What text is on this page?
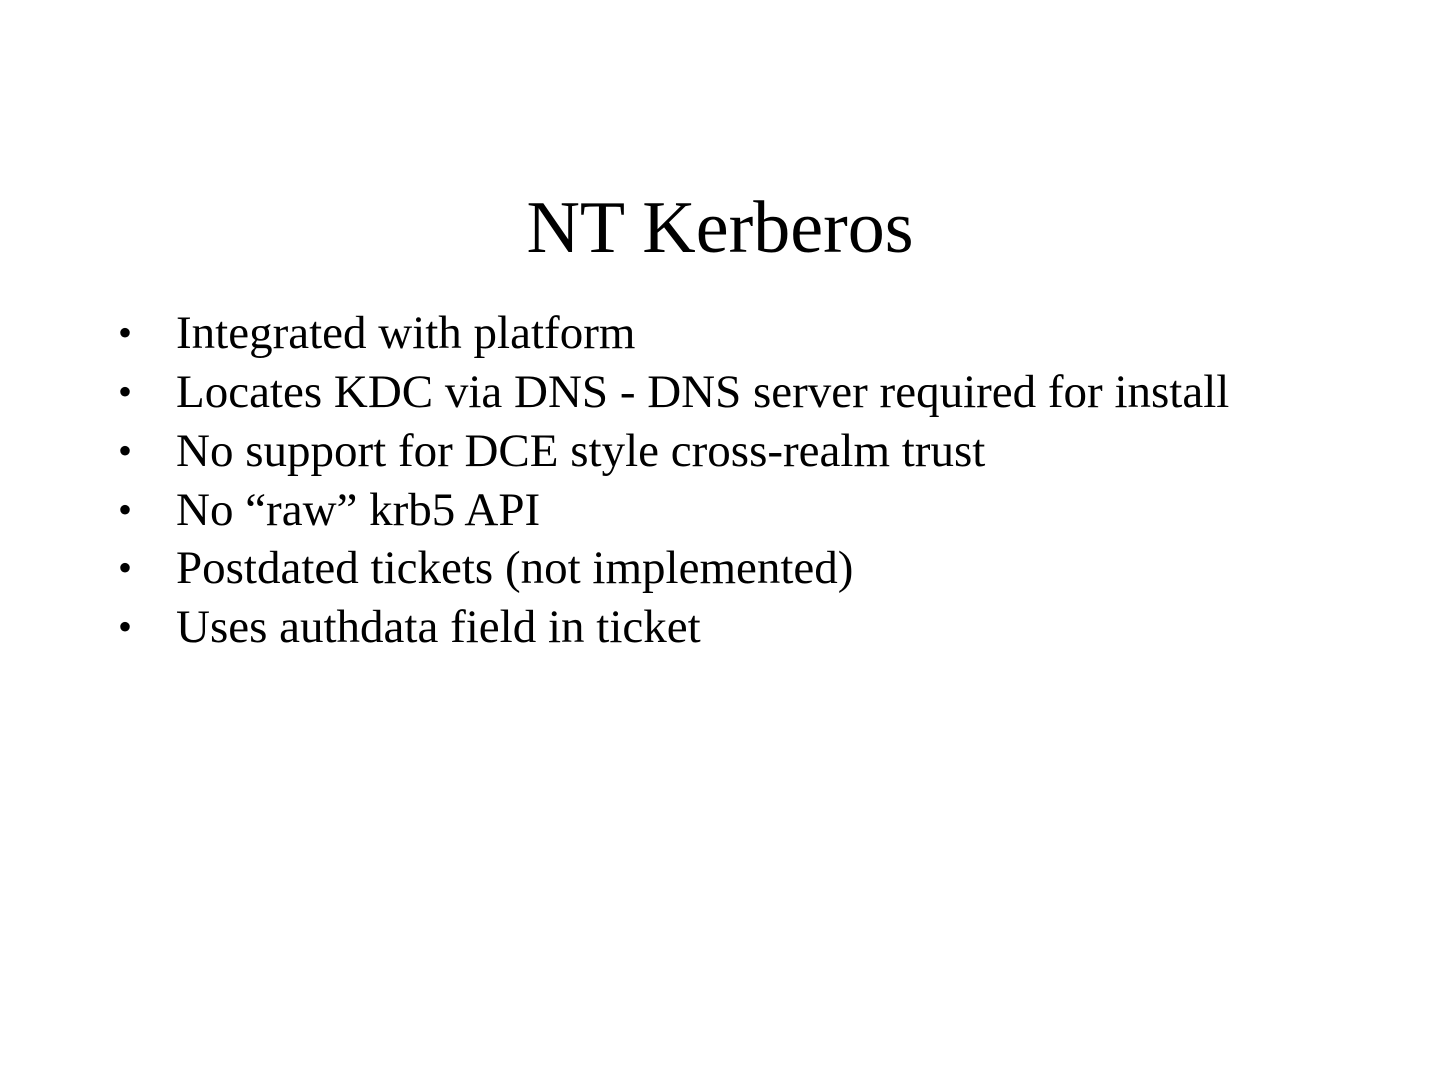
NT Kerberos
• Integrated with platform
• Locates KDC via DNS - DNS server required for install
• No support for DCE style cross-realm trust
• No “raw” krb5 API
• Postdated tickets (not implemented)
• Uses authdata field in ticket
